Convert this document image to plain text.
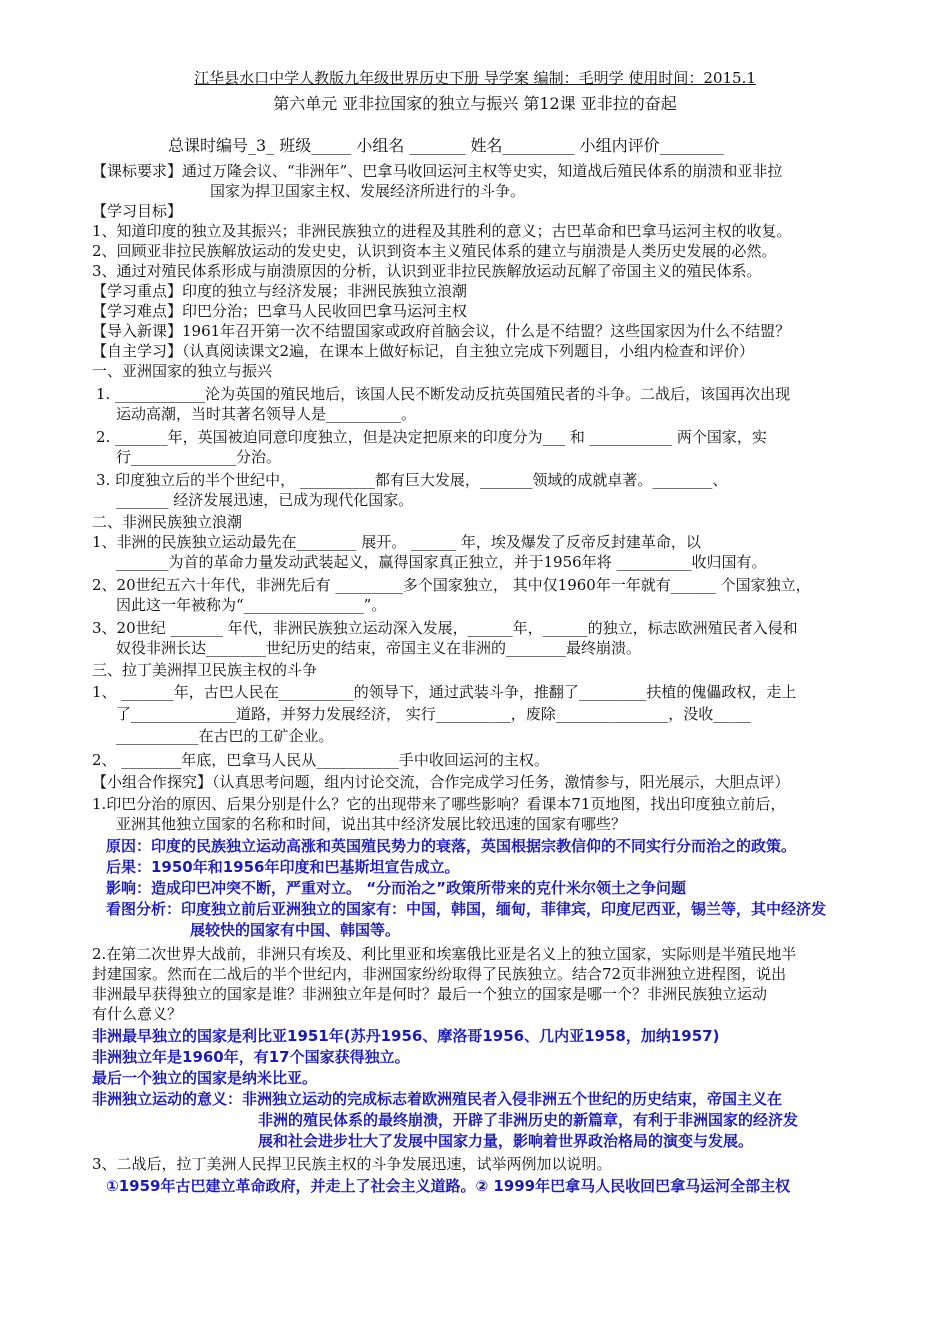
江华县水口中学人教版九年级世界历史下册 导学案 编制：毛明学 使用时间：2015.1
第六单元 亚非拉国家的独立与振兴 第12课 亚非拉的奋起
总课时编号_3_ 班级_____ 小组名 _______ 姓名_________ 小组内评价________
【课标要求】通过万隆会议、“非洲年”、巴拿马收回运河主权等史实，知道战后殖民体系的崩溃和亚非拉
国家为捍卫国家主权、发展经济所进行的斗争。
【学习目标】
1、知道印度的独立及其振兴；非洲民族独立的进程及其胜利的意义；古巴革命和巴拿马运河主权的收复。
2、回顾亚非拉民族解放运动的发史史，认识到资本主义殖民体系的建立与崩溃是人类历史发展的必然。
3、通过对殖民体系形成与崩溃原因的分析，认识到亚非拉民族解放运动瓦解了帝国主义的殖民体系。
【学习重点】印度的独立与经济发展；非洲民族独立浪潮
【学习难点】印巴分治；巴拿马人民收回巴拿马运河主权
【导入新课】1961年召开第一次不结盟国家或政府首脑会议，什么是不结盟？这些国家因为什么不结盟？
【自主学习】（认真阅读课文2遍，在课本上做好标记，自主独立完成下列题目，小组内检查和评价）
一、亚洲国家的独立与振兴
1. ____________沦为英国的殖民地后，该国人民不断发动反抗英国殖民者的斗争。二战后，该国再次出现
运动高潮，当时其著名领导人是__________。
2. _______年，英国被迫同意印度独立，但是决定把原来的印度分为___ 和 ___________ 两个国家，实
行______________分治。
3. 印度独立后的半个世纪中， __________都有巨大发展，_______领域的成就卓著。________、
_______ 经济发展迅速，已成为现代化国家。
二、非洲民族独立浪潮
1、非洲的民族独立运动最先在________ 展开。 ______ 年，埃及爆发了反帝反封建革命，以
_______为首的革命力量发动武装起义，赢得国家真正独立，并于1956年将 __________收归国有。
2、20世纪五六十年代，非洲先后有 _________多个国家独立， 其中仅1960年一年就有______ 个国家独立，
因此这一年被称为“________________”。
3、20世纪 _______ 年代，非洲民族独立运动深入发展，______年，______的独立，标志欧洲殖民者入侵和
奴役非洲长达________世纪历史的结束，帝国主义在非洲的________最终崩溃。
三、拉丁美洲捍卫民族主权的斗争
1、 _______年，古巴人民在__________的领导下，通过武装斗争，推翻了_________扶植的傀儡政权，走上
了______________道路，并努力发展经济， 实行__________，废除_______________，没收_____
___________在古巴的工矿企业。
2、 ________年底，巴拿马人民从___________手中收回运河的主权。
【小组合作探究】（认真思考问题，组内讨论交流，合作完成学习任务，激情参与，阳光展示，大胆点评）
1.印巴分治的原因、后果分别是什么？它的出现带来了哪些影响？看课本71页地图，找出印度独立前后，
亚洲其他独立国家的名称和时间，说出其中经济发展比较迅速的国家有哪些？
原因：印度的民族独立运动高涨和英国殖民势力的衰落，英国根据宗教信仰的不同实行分而治之的政策。
后果：1950年和1956年印度和巴基斯坦宣告成立。
影响：造成印巴冲突不断，严重对立。 “分而治之”政策所带来的克什米尔领土之争问题
看图分析：印度独立前后亚洲独立的国家有：中国，韩国，缅甸，菲律宾，印度尼西亚，锡兰等，其中经济发
展较快的国家有中国、韩国等。
2.在第二次世界大战前，非洲只有埃及、利比里亚和埃塞俄比亚是名义上的独立国家，实际则是半殖民地半
封建国家。然而在二战后的半个世纪内，非洲国家纷纷取得了民族独立。结合72页非洲独立进程图，说出
非洲最早获得独立的国家是谁？非洲独立年是何时？最后一个独立的国家是哪一个？非洲民族独立运动
有什么意义？
非洲最早独立的国家是利比亚1951年(苏丹1956、摩洛哥1956、几内亚1958，加纳1957)
非洲独立年是1960年，有17个国家获得独立。
最后一个独立的国家是纳米比亚。
非洲独立运动的意义：非洲独立运动的完成标志着欧洲殖民者入侵非洲五个世纪的历史结束，帝国主义在
非洲的殖民体系的最终崩溃，开辟了非洲历史的新篇章，有利于非洲国家的经济发
展和社会进步壮大了发展中国家力量，影响着世界政治格局的演变与发展。
3、二战后，拉丁美洲人民捍卫民族主权的斗争发展迅速，试举两例加以说明。
①1959年古巴建立革命政府，并走上了社会主义道路。② 1999年巴拿马人民收回巴拿马运河全部主权
